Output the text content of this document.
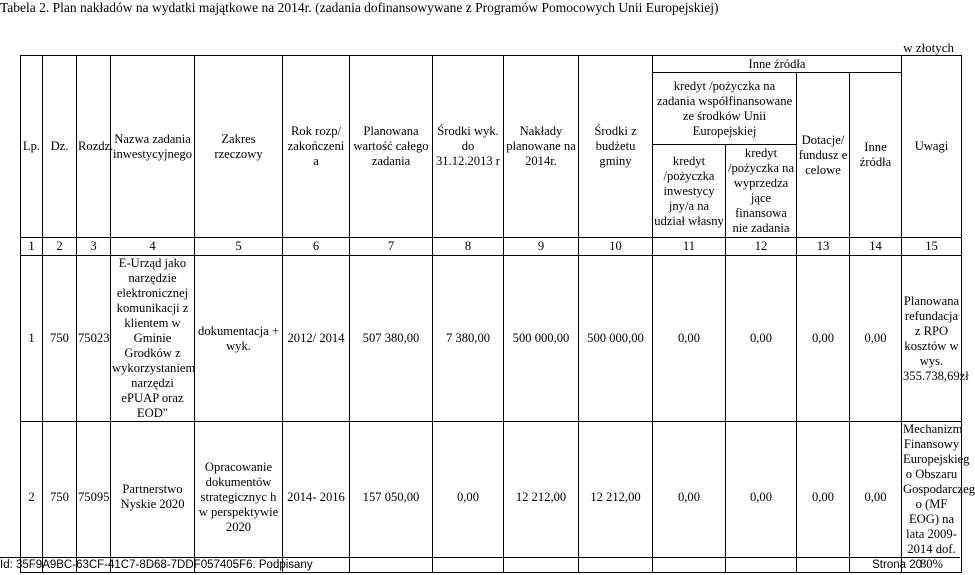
Tabela 2. Plan nakładów na wydatki majątkowe na 2014r. (zadania dofinansowywane z Programów Pomocowych Unii Europejskiej)
w złotych
Lp.	Dz.	Rozdz.	Nazwa zadania inwestycyjnego	Zakres rzeczowy	Rok rozp/ zakończeni a	Planowana wartość całego zadania	Środki wyk. do 31.12.2013 r	Nakłady planowane na 2014r.	Środki z budżetu gminy	Inne źródła				Uwagi
										kredyt /pożyczka na zadania współfinansowane ze środków Unii Europejskiej		Dotacje/ fundusz e celowe	Inne źródła	
										kredyt /pożyczka inwestycy jny/a na udział własny	kredyt /pożyczka na wyprzedza jące finansowa nie zadania			

1	2	3	4	5	6	7	8	9	10	11	12	13	14	15
1	750	75023	E-Urząd jako narzędzie elektronicznej komunikacji z klientem w Gminie Grodków z wykorzystaniem narzędzi ePUAP oraz EOD"	dokumentacja + wyk.	2012/ 2014	507 380,00	7 380,00	500 000,00	500 000,00	0,00	0,00	0,00	0,00	Planowana refundacja z RPO kosztów w wys. 355.738,69zł
2	750	75095	Partnerstwo Nyskie 2020	Opracowanie dokumentów strategicznyc h w perspektywie 2020	2014- 2016	157 050,00	0,00	12 212,00	12 212,00	0,00	0,00	0,00	0,00	Mechanizm Finansowy Europejskieg o Obszaru Gospodarczeg o (MF EOG) na lata 2009- 2014 dof. 80%
Id: 35F9A9BC-63CF-41C7-8D68-7DDF057405F6. Podpisany	Strona 20
